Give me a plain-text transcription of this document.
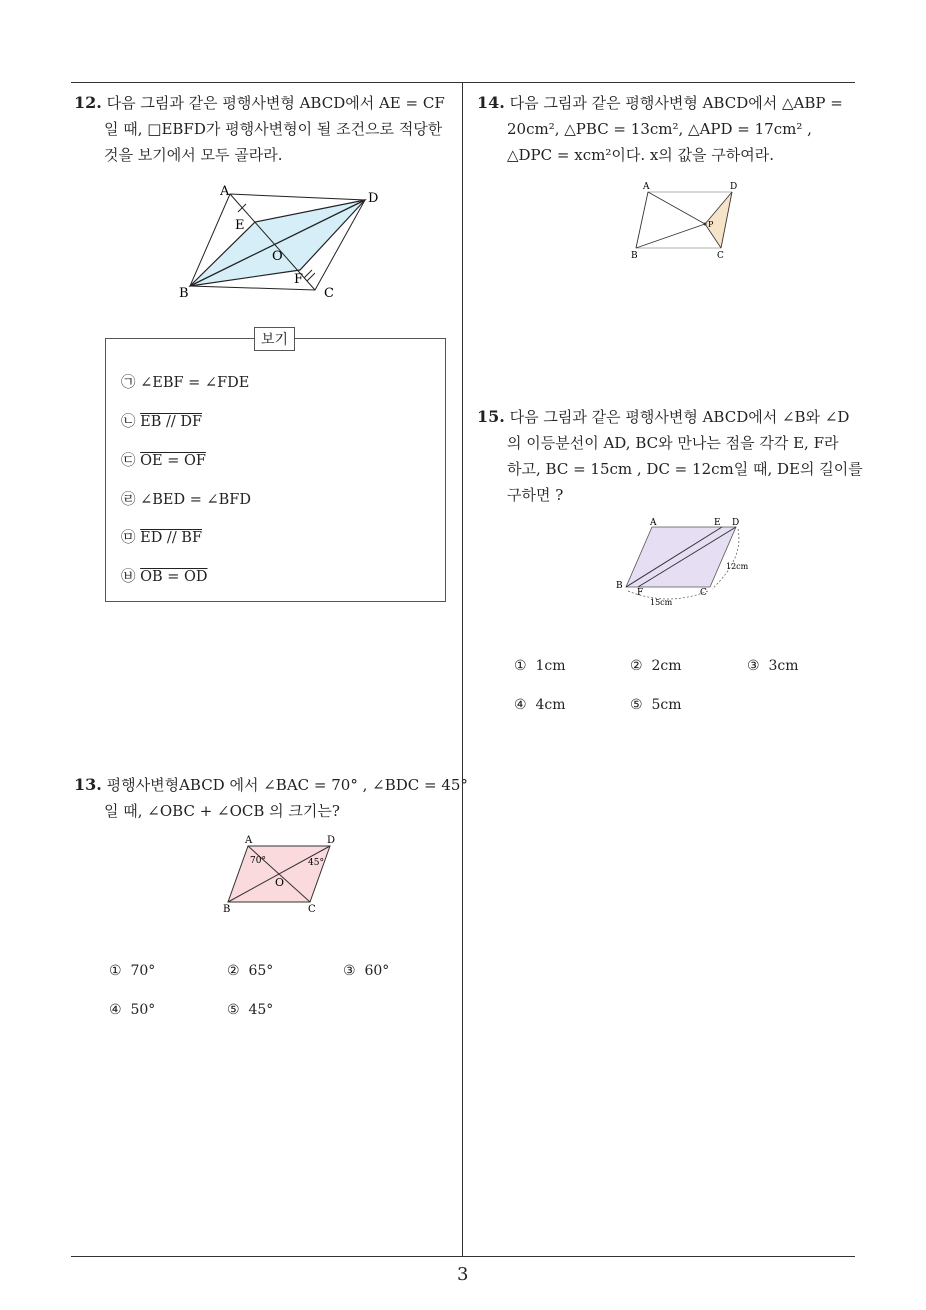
12. 다음 그림과 같은 평행사변형 ABCD에서 AE = CF
일 때, □EBFD가 평행사변형이 될 조건으로 적당한
것을 보기에서 모두 골라라.
A	D
E
O
F
B	C
보기
㉠ ∠EBF = ∠FDE
㉡ EB // DF
㉢ OE = OF
㉣ ∠BED = ∠BFD
㉤ ED // BF
㉥ OB = OD
13. 평행사변형ABCD 에서 ∠BAC = 70° , ∠BDC = 45°
일 때, ∠OBC + ∠OCB 의 크기는?
A	D
B	C
O
70°	45°
① 70°	② 65°	③ 60°
④ 50°	⑤ 45°
14. 다음 그림과 같은 평행사변형 ABCD에서 △ABP =
20cm², △PBC = 13cm², △APD = 17cm² ,
△DPC = xcm²이다. x의 값을 구하여라.
A	D
B	C
P
15. 다음 그림과 같은 평행사변형 ABCD에서 ∠B와 ∠D
의 이등분선이 AD, BC와 만나는 점을 각각 E, F라
하고, BC = 15cm , DC = 12cm일 때, DE의 길이를
구하면 ?
A	E D
B
F	C
12cm
15cm
① 1cm	② 2cm	③ 3cm
④ 4cm	⑤ 5cm
3
